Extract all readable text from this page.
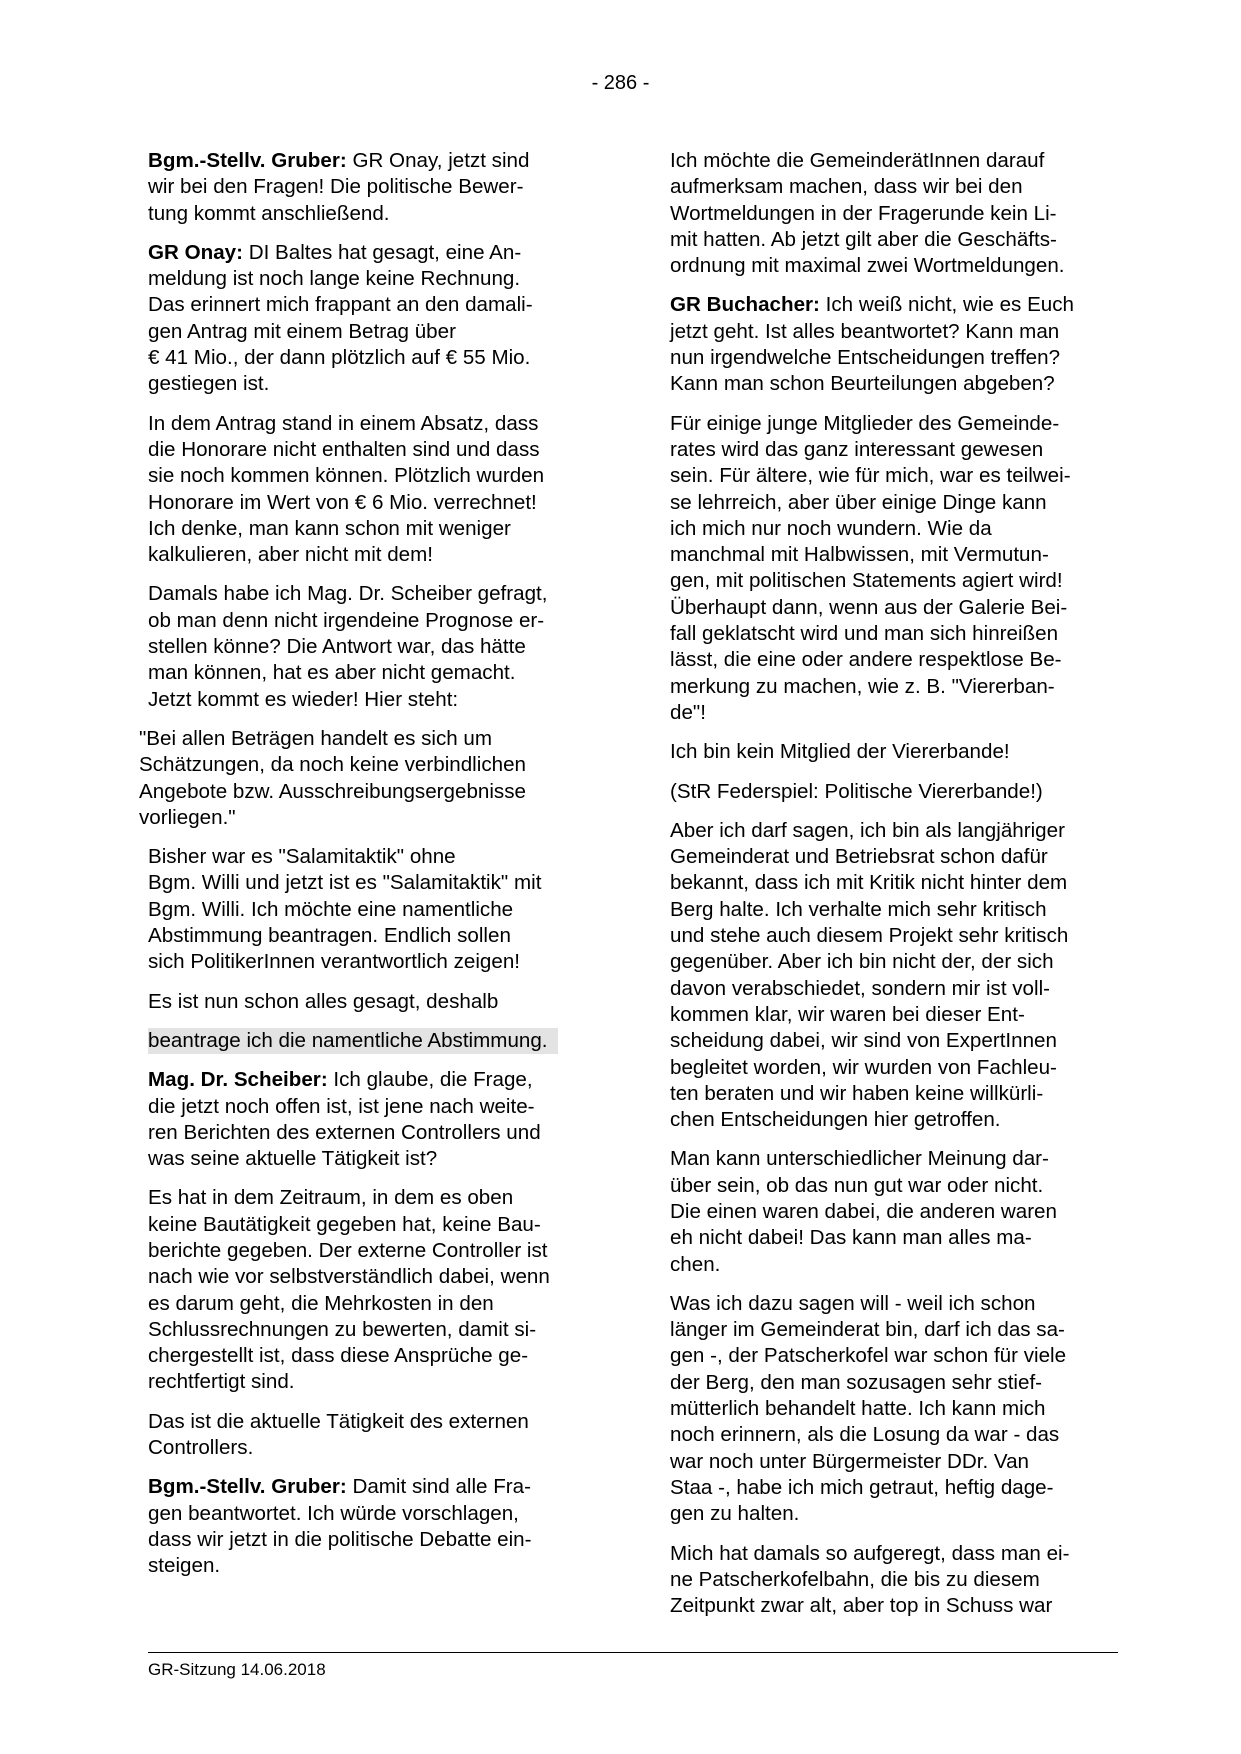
- 286 -
Bgm.-Stellv. Gruber: GR Onay, jetzt sind
wir bei den Fragen! Die politische Bewer-
tung kommt anschließend.
GR Onay: DI Baltes hat gesagt, eine An-
meldung ist noch lange keine Rechnung.
Das erinnert mich frappant an den damali-
gen Antrag mit einem Betrag über
€ 41 Mio., der dann plötzlich auf € 55 Mio.
gestiegen ist.
In dem Antrag stand in einem Absatz, dass
die Honorare nicht enthalten sind und dass
sie noch kommen können. Plötzlich wurden
Honorare im Wert von € 6 Mio. verrechnet!
Ich denke, man kann schon mit weniger
kalkulieren, aber nicht mit dem!
Damals habe ich Mag. Dr. Scheiber gefragt,
ob man denn nicht irgendeine Prognose er-
stellen könne? Die Antwort war, das hätte
man können, hat es aber nicht gemacht.
Jetzt kommt es wieder! Hier steht:
"Bei allen Beträgen handelt es sich um
Schätzungen, da noch keine verbindlichen
Angebote bzw. Ausschreibungsergebnisse
vorliegen."
Bisher war es "Salamitaktik" ohne
Bgm. Willi und jetzt ist es "Salamitaktik" mit
Bgm. Willi. Ich möchte eine namentliche
Abstimmung beantragen. Endlich sollen
sich PolitikerInnen verantwortlich zeigen!
Es ist nun schon alles gesagt, deshalb
beantrage ich die namentliche Abstimmung.
Mag. Dr. Scheiber: Ich glaube, die Frage,
die jetzt noch offen ist, ist jene nach weite-
ren Berichten des externen Controllers und
was seine aktuelle Tätigkeit ist?
Es hat in dem Zeitraum, in dem es oben
keine Bautätigkeit gegeben hat, keine Bau-
berichte gegeben. Der externe Controller ist
nach wie vor selbstverständlich dabei, wenn
es darum geht, die Mehrkosten in den
Schlussrechnungen zu bewerten, damit si-
chergestellt ist, dass diese Ansprüche ge-
rechtfertigt sind.
Das ist die aktuelle Tätigkeit des externen
Controllers.
Bgm.-Stellv. Gruber: Damit sind alle Fra-
gen beantwortet. Ich würde vorschlagen,
dass wir jetzt in die politische Debatte ein-
steigen.
Ich möchte die GemeinderätInnen darauf
aufmerksam machen, dass wir bei den
Wortmeldungen in der Fragerunde kein Li-
mit hatten. Ab jetzt gilt aber die Geschäfts-
ordnung mit maximal zwei Wortmeldungen.
GR Buchacher: Ich weiß nicht, wie es Euch
jetzt geht. Ist alles beantwortet? Kann man
nun irgendwelche Entscheidungen treffen?
Kann man schon Beurteilungen abgeben?
Für einige junge Mitglieder des Gemeinde-
rates wird das ganz interessant gewesen
sein. Für ältere, wie für mich, war es teilwei-
se lehrreich, aber über einige Dinge kann
ich mich nur noch wundern. Wie da
manchmal mit Halbwissen, mit Vermutun-
gen, mit politischen Statements agiert wird!
Überhaupt dann, wenn aus der Galerie Bei-
fall geklatscht wird und man sich hinreißen
lässt, die eine oder andere respektlose Be-
merkung zu machen, wie z. B. "Viererban-
de"!
Ich bin kein Mitglied der Viererbande!
(StR Federspiel: Politische Viererbande!)
Aber ich darf sagen, ich bin als langjähriger
Gemeinderat und Betriebsrat schon dafür
bekannt, dass ich mit Kritik nicht hinter dem
Berg halte. Ich verhalte mich sehr kritisch
und stehe auch diesem Projekt sehr kritisch
gegenüber. Aber ich bin nicht der, der sich
davon verabschiedet, sondern mir ist voll-
kommen klar, wir waren bei dieser Ent-
scheidung dabei, wir sind von ExpertInnen
begleitet worden, wir wurden von Fachleu-
ten beraten und wir haben keine willkürli-
chen Entscheidungen hier getroffen.
Man kann unterschiedlicher Meinung dar-
über sein, ob das nun gut war oder nicht.
Die einen waren dabei, die anderen waren
eh nicht dabei! Das kann man alles ma-
chen.
Was ich dazu sagen will - weil ich schon
länger im Gemeinderat bin, darf ich das sa-
gen -, der Patscherkofel war schon für viele
der Berg, den man sozusagen sehr stief-
mütterlich behandelt hatte. Ich kann mich
noch erinnern, als die Losung da war - das
war noch unter Bürgermeister DDr. Van
Staa -, habe ich mich getraut, heftig dage-
gen zu halten.
Mich hat damals so aufgeregt, dass man ei-
ne Patscherkofelbahn, die bis zu diesem
Zeitpunkt zwar alt, aber top in Schuss war
GR-Sitzung 14.06.2018
